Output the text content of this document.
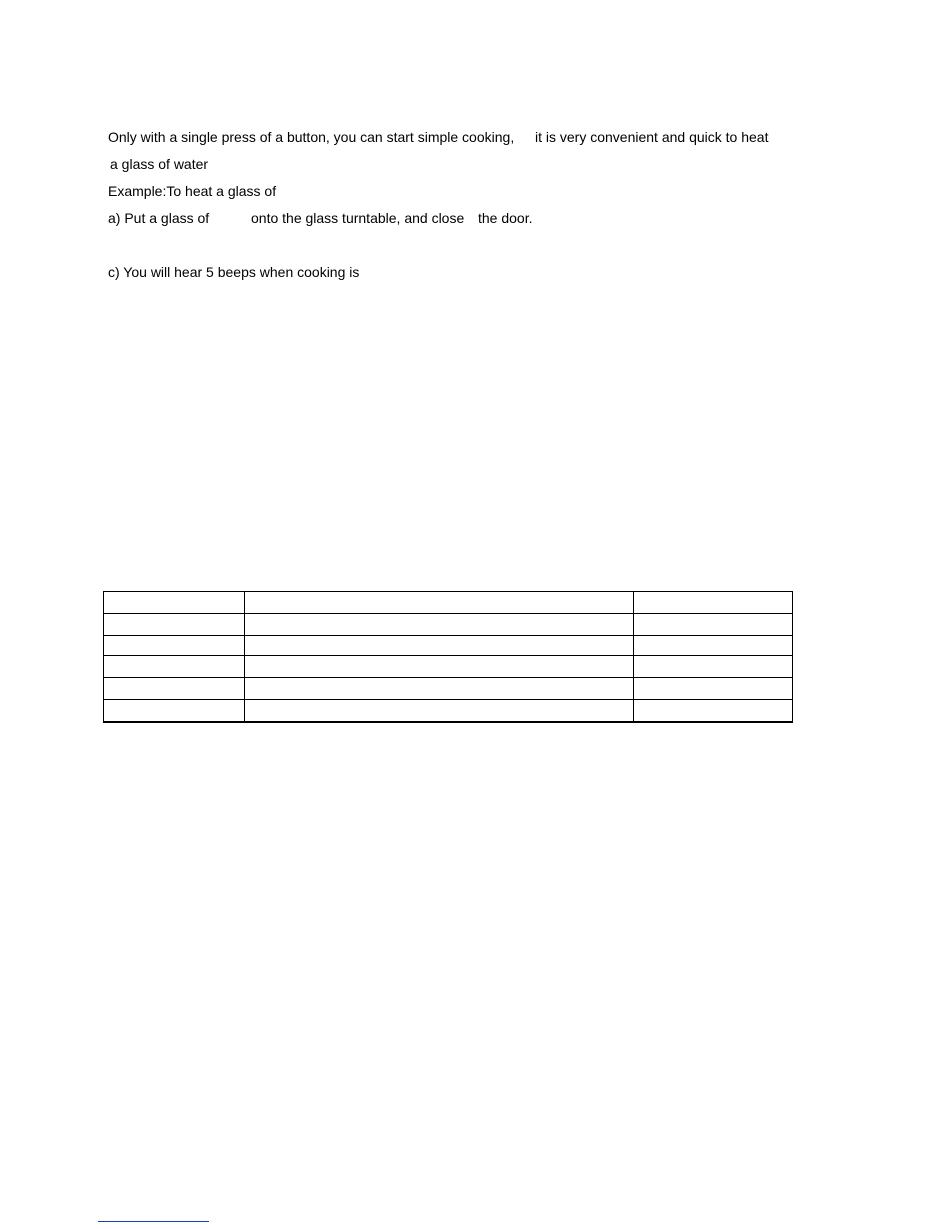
Only with a single press of a button, you can start simple cooking, it is very convenient and quick to heat
a glass of water
Example:To heat a glass of
a) Put a glass of	onto the glass turntable, and close the door.
c) You will hear 5 beeps when cooking is
